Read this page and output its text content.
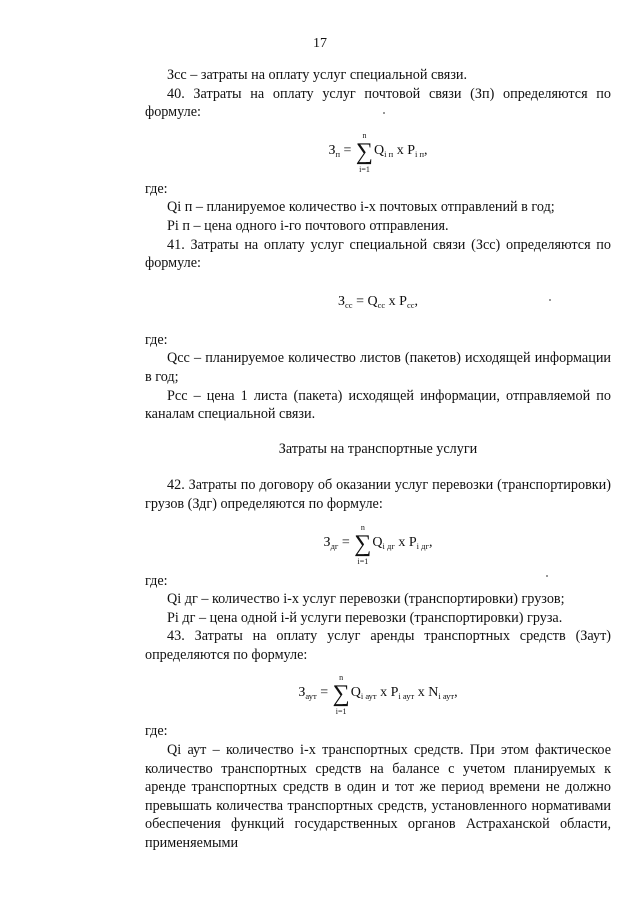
17

Зсс – затраты на оплату услуг специальной связи.

40. Затраты на оплату услуг почтовой связи (Зп) определяются по формуле:

$З_п$ = ∑
n
i=1
$Q_{i п}$ х $P_{i п}$,

где:

Qi п – планируемое количество i-х почтовых отправлений в год;

Pi п – цена одного i-го почтового отправления.

41. Затраты на оплату услуг специальной связи (Зсс) определяются по формуле:

$З_{сс} = Q_{сс}$ х $P_{сс}$,

где:

Qсс – планируемое количество листов (пакетов) исходящей информации в год;

Pсс – цена 1 листа (пакета) исходящей информации, отправляемой по каналам специальной связи.

Затраты на транспортные услуги

42. Затраты по договору об оказании услуг перевозки (транспортировки) грузов (Здг) определяются по формуле:

$З_{дг}$ = ∑
n
i=1
$Q_{i дг}$ х $P_{i дг}$,

где:

Qi дг – количество i-х услуг перевозки (транспортировки) грузов;

Pi дг – цена одной i-й услуги перевозки (транспортировки) груза.

43. Затраты на оплату услуг аренды транспортных средств (Заут) определяются по формуле:

$З_{аут}$ = ∑
n
i=1
$Q_{i аут}$ х $P_{i аут}$ х $N_{i аут}$,

где:

Qi аут – количество i-х транспортных средств. При этом фактическое количество транспортных средств на балансе с учетом планируемых к аренде транспортных средств в один и тот же период времени не должно превышать количества транспортных средств, установленного нормативами обеспечения функций государственных органов Астраханской области, применяемыми
